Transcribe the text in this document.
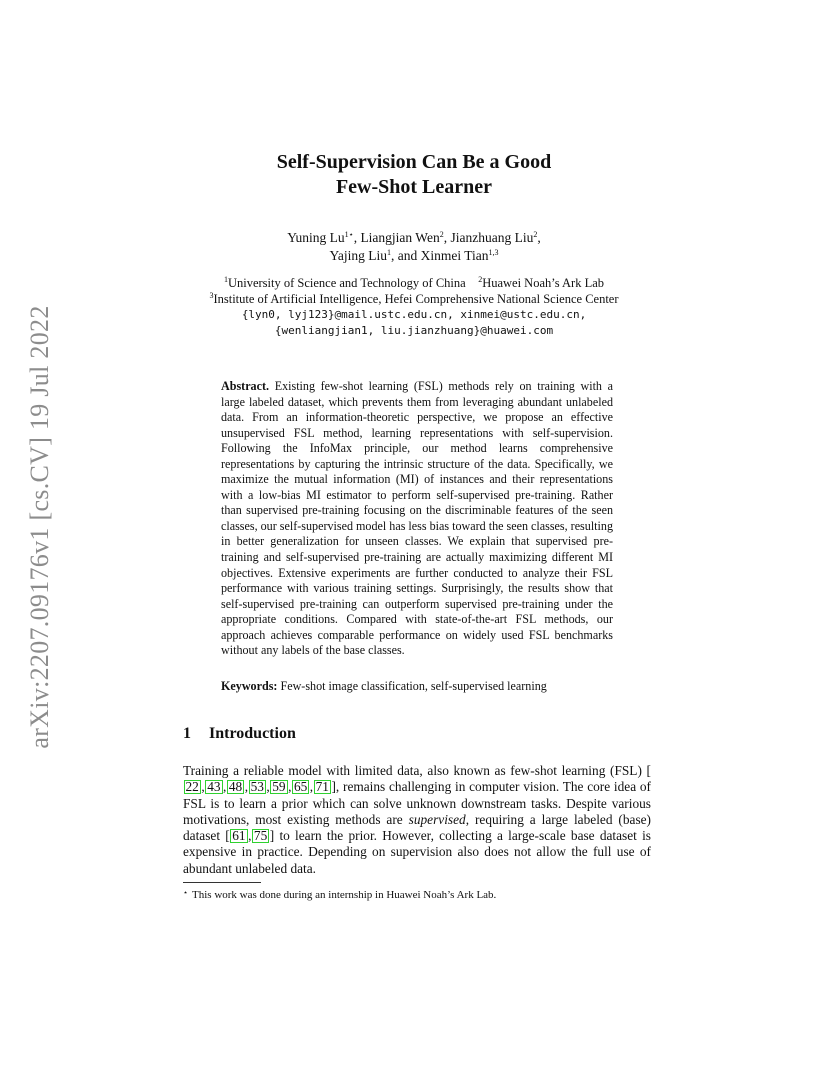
arXiv:2207.09176v1 [cs.CV] 19 Jul 2022
Self-Supervision Can Be a Good
Few-Shot Learner
Yuning $Lu^{1⋆}$, Liangjian Wen$^2$, Jianzhuang Liu$^2$,
Yajing Liu$^1$, and Xinmei Tian$^{1,3}$
$^1$University of Science and Technology of China $^2$Huawei Noah’s Ark Lab
$^3$Institute of Artificial Intelligence, Hefei Comprehensive National Science Center
{lyn0, lyj123}@mail.ustc.edu.cn, xinmei@ustc.edu.cn,
{wenliangjian1, liu.jianzhuang}@huawei.com
Abstract. Existing few-shot learning (FSL) methods rely on training with a large labeled dataset, which prevents them from leveraging abundant unlabeled data. From an information-theoretic perspective, we propose an effective unsupervised FSL method, learning representations with self-supervision. Following the InfoMax principle, our method learns comprehensive representations by capturing the intrinsic structure of the data. Specifically, we maximize the mutual information (MI) of instances and their representations with a low-bias MI estimator to perform self-supervised pre-training. Rather than supervised pre-training focusing on the discriminable features of the seen classes, our self-supervised model has less bias toward the seen classes, resulting in better generalization for unseen classes. We explain that supervised pre-training and self-supervised pre-training are actually maximizing different MI objectives. Extensive experiments are further conducted to analyze their FSL performance with various training settings. Surprisingly, the results show that self-supervised pre-training can outperform supervised pre-training under the appropriate conditions. Compared with state-of-the-art FSL methods, our approach achieves comparable performance on widely used FSL benchmarks without any labels of the base classes.
Keywords: Few-shot image classification, self-supervised learning
1 Introduction
Training a reliable model with limited data, also known as few-shot learning (FSL) [22 , 43 , 48 , 53 , 59 , 65 , 71 ], remains challenging in computer vision. The core idea of FSL is to learn a prior which can solve unknown downstream tasks. Despite various motivations, most existing methods are supervised, requiring a large labeled (base) dataset [ 61 , 75 ] to learn the prior. However, collecting a large-scale base dataset is expensive in practice. Depending on supervision also does not allow the full use of abundant unlabeled data.
⋆ This work was done during an internship in Huawei Noah’s Ark Lab.
